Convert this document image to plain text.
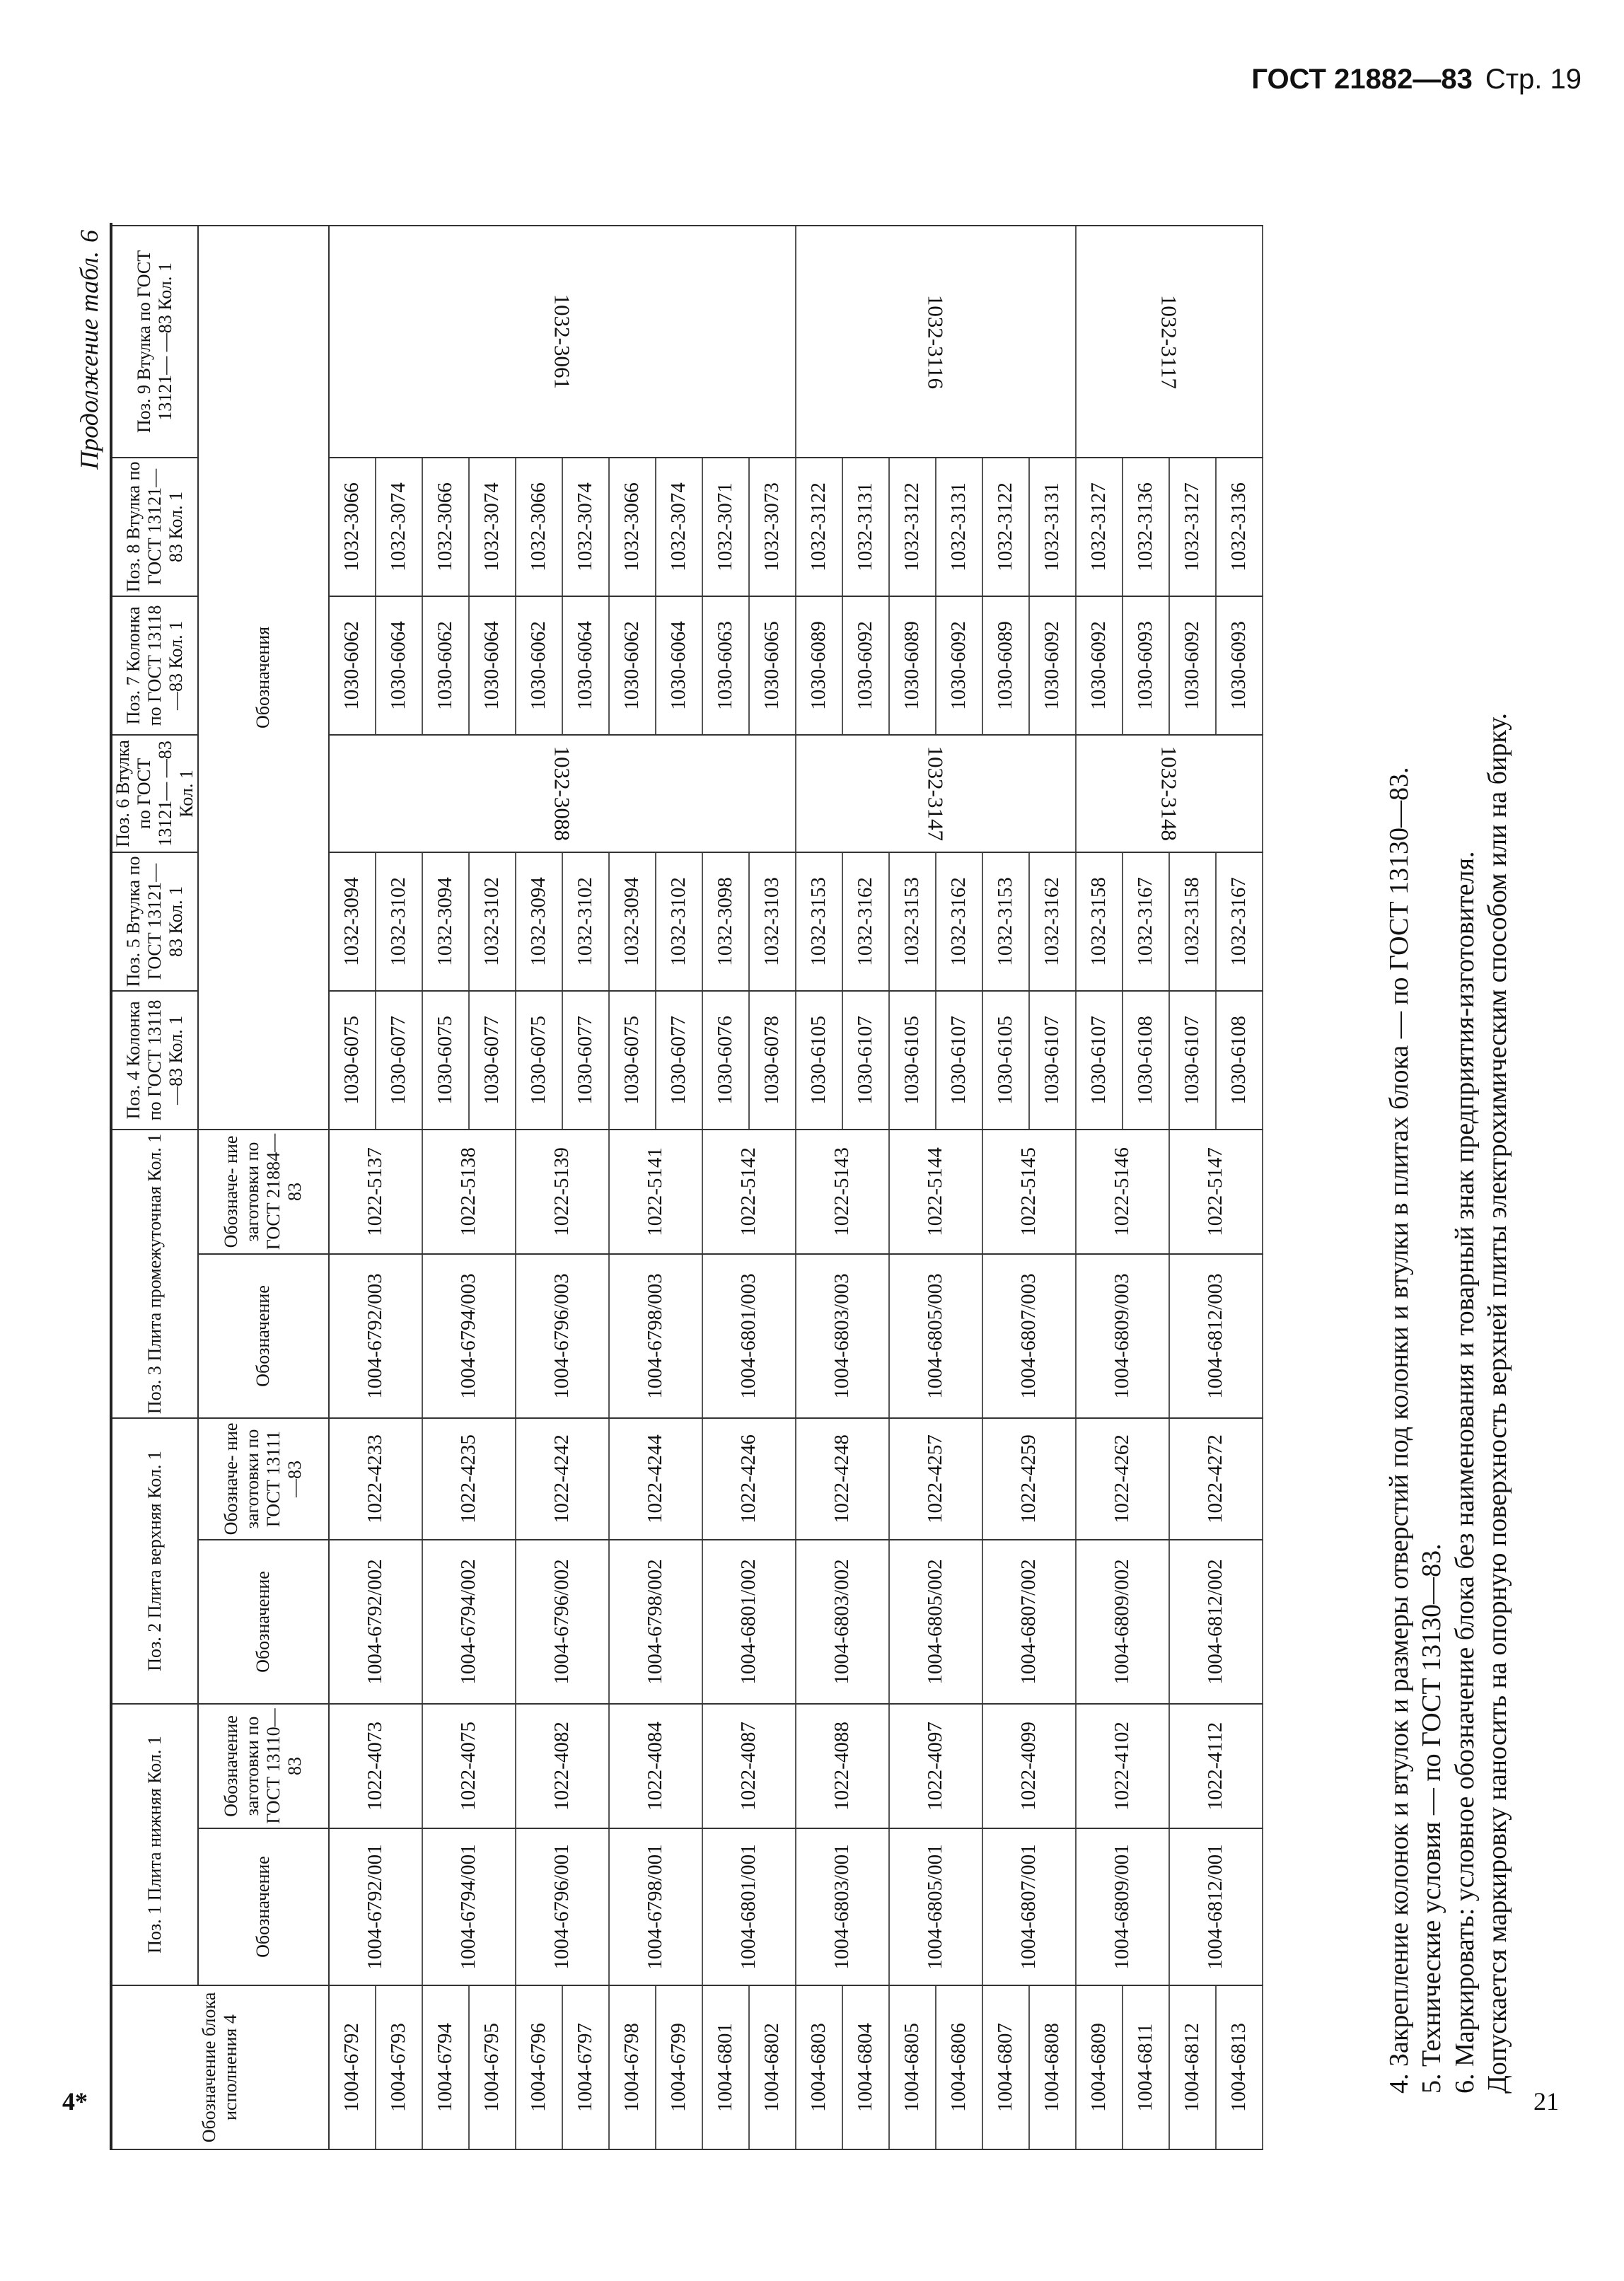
ГОСТ 21882—83 Стр. 19
Продолжение табл.6
Обозначение блока исполнения 4	Поз. 1 Плита нижняя Кол. 1		Поз. 2 Плита верхняя Кол. 1		Поз. 3 Плита промежуточная Кол. 1		Поз. 4 Колонка по ГОСТ 13118—83 Кол. 1	Поз. 5 Втулка по ГОСТ 13121—83 Кол. 1	Поз. 6 Втулка по ГОСТ 13121— —83 Кол. 1	Поз. 7 Колонка по ГОСТ 13118—83 Кол. 1	Поз. 8 Втулка по ГОСТ 13121—83 Кол. 1	Поз. 9 Втулка по ГОСТ 13121— —83 Кол. 1
	Обозначение	Обозначение заготовки по ГОСТ 13110—83	Обозначение	Обозначе- ние заготовки по ГОСТ 13111—83	Обозначение	Обозначе- ние заготовки по ГОСТ 21884—83	Обозначения					
1004-6792	1004-6792/001	1022-4073	1004-6792/002	1022-4233	1004-6792/003	1022-5137	1030-6075	1032-3094	1032-3088	1030-6062	1032-3066	1032-3061
1004-6793							1030-6077	1032-3102		1030-6064	1032-3074	
1004-6794	1004-6794/001	1022-4075	1004-6794/002	1022-4235	1004-6794/003	1022-5138	1030-6075	1032-3094		1030-6062	1032-3066	
1004-6795							1030-6077	1032-3102		1030-6064	1032-3074	
1004-6796	1004-6796/001	1022-4082	1004-6796/002	1022-4242	1004-6796/003	1022-5139	1030-6075	1032-3094		1030-6062	1032-3066	
1004-6797							1030-6077	1032-3102		1030-6064	1032-3074	
1004-6798	1004-6798/001	1022-4084	1004-6798/002	1022-4244	1004-6798/003	1022-5141	1030-6075	1032-3094		1030-6062	1032-3066	
1004-6799							1030-6077	1032-3102		1030-6064	1032-3074	
1004-6801	1004-6801/001	1022-4087	1004-6801/002	1022-4246	1004-6801/003	1022-5142	1030-6076	1032-3098		1030-6063	1032-3071	
1004-6802							1030-6078	1032-3103		1030-6065	1032-3073	
1004-6803	1004-6803/001	1022-4088	1004-6803/002	1022-4248	1004-6803/003	1022-5143	1030-6105	1032-3153	1032-3147	1030-6089	1032-3122	1032-3116
1004-6804							1030-6107	1032-3162		1030-6092	1032-3131	
1004-6805	1004-6805/001	1022-4097	1004-6805/002	1022-4257	1004-6805/003	1022-5144	1030-6105	1032-3153		1030-6089	1032-3122	
1004-6806							1030-6107	1032-3162		1030-6092	1032-3131	
1004-6807	1004-6807/001	1022-4099	1004-6807/002	1022-4259	1004-6807/003	1022-5145	1030-6105	1032-3153		1030-6089	1032-3122	
1004-6808							1030-6107	1032-3162		1030-6092	1032-3131	
1004-6809	1004-6809/001	1022-4102	1004-6809/002	1022-4262	1004-6809/003	1022-5146	1030-6107	1032-3158	1032-3148	1030-6092	1032-3127	1032-3117
1004-6811							1030-6108	1032-3167		1030-6093	1032-3136	
1004-6812	1004-6812/001	1022-4112	1004-6812/002	1022-4272	1004-6812/003	1022-5147	1030-6107	1032-3158		1030-6092	1032-3127	
1004-6813							1030-6108	1032-3167		1030-6093	1032-3136	
4. Закрепление колонок и втулок и размеры отверстий под колонки и втулки в плитах блока — по ГОСТ 13130—83. 5. Технические условия — по ГОСТ 13130—83. 6. Маркировать: условное обозначение блока без наименования и товарный знак предприятия-изготовителя. Допускается маркировку наносить на опорную поверхность верхней плиты электрохимическим способом или на бирку.
4*	21
